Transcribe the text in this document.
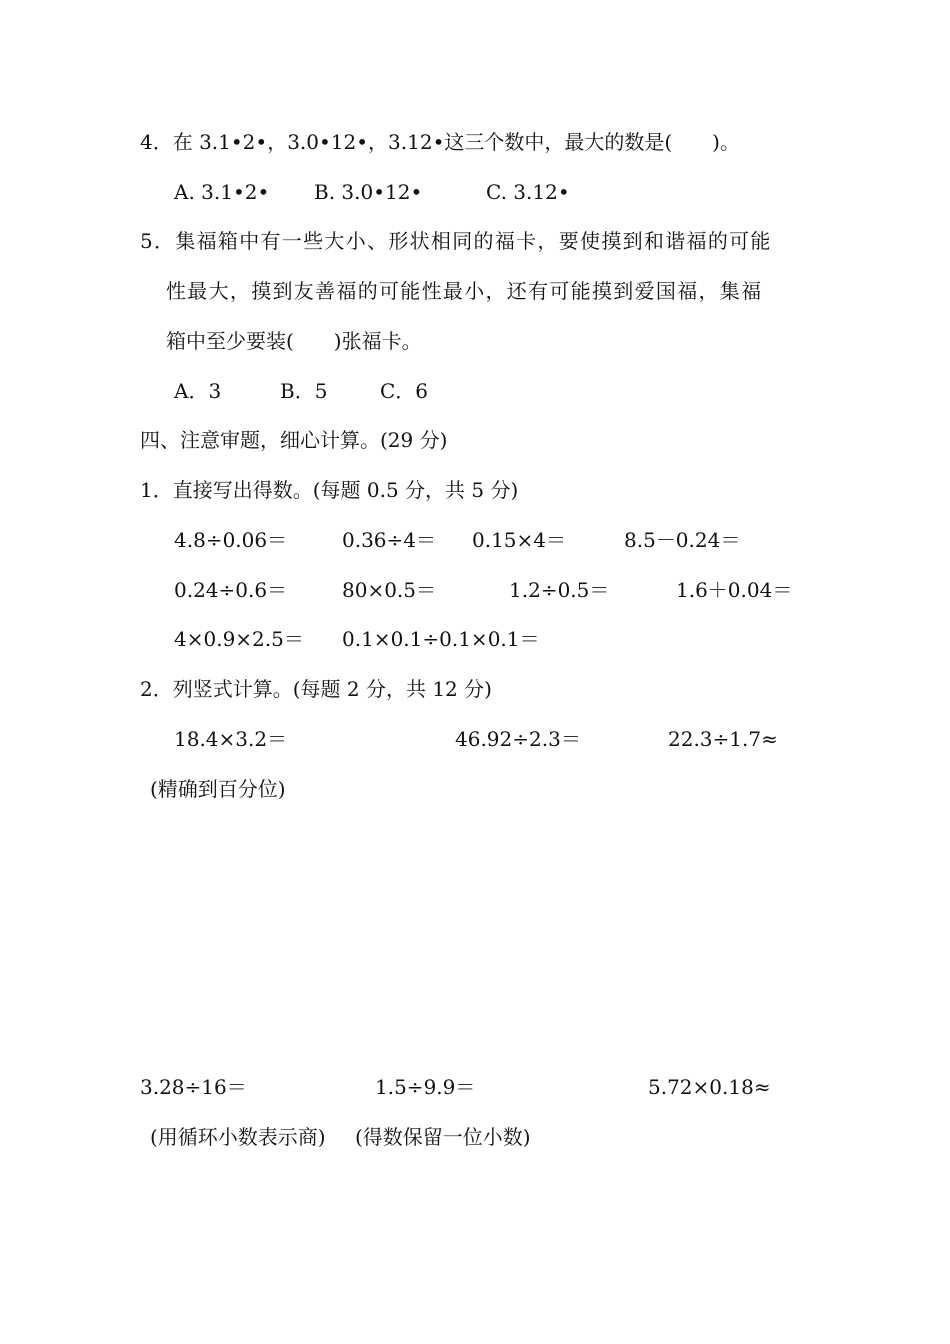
4．在 3.1•2•，3.0•12•，3.12•这三个数中，最大的数是(　　)。
A. 3.1•2• B. 3.0•12•	C. 3.12•
5．集福箱中有一些大小、形状相同的福卡，要使摸到和谐福的可能
性最大，摸到友善福的可能性最小，还有可能摸到爱国福，集福
箱中至少要装(　　)张福卡。
A．3	B．5	C．6
四、注意审题，细心计算。(29 分)
1．直接写出得数。(每题 0.5 分，共 5 分)
4.8÷0.06＝	0.36÷4＝ 0.15×4＝	8.5－0.24＝
0.24÷0.6＝	80×0.5＝	1.2÷0.5＝	1.6＋0.04＝
4×0.9×2.5＝ 0.1×0.1÷0.1×0.1＝
2．列竖式计算。(每题 2 分，共 12 分)
18.4×3.2＝	46.92÷2.3＝	22.3÷1.7≈
(精确到百分位)
3.28÷16＝	1.5÷9.9＝	5.72×0.18≈
(用循环小数表示商) (得数保留一位小数)
